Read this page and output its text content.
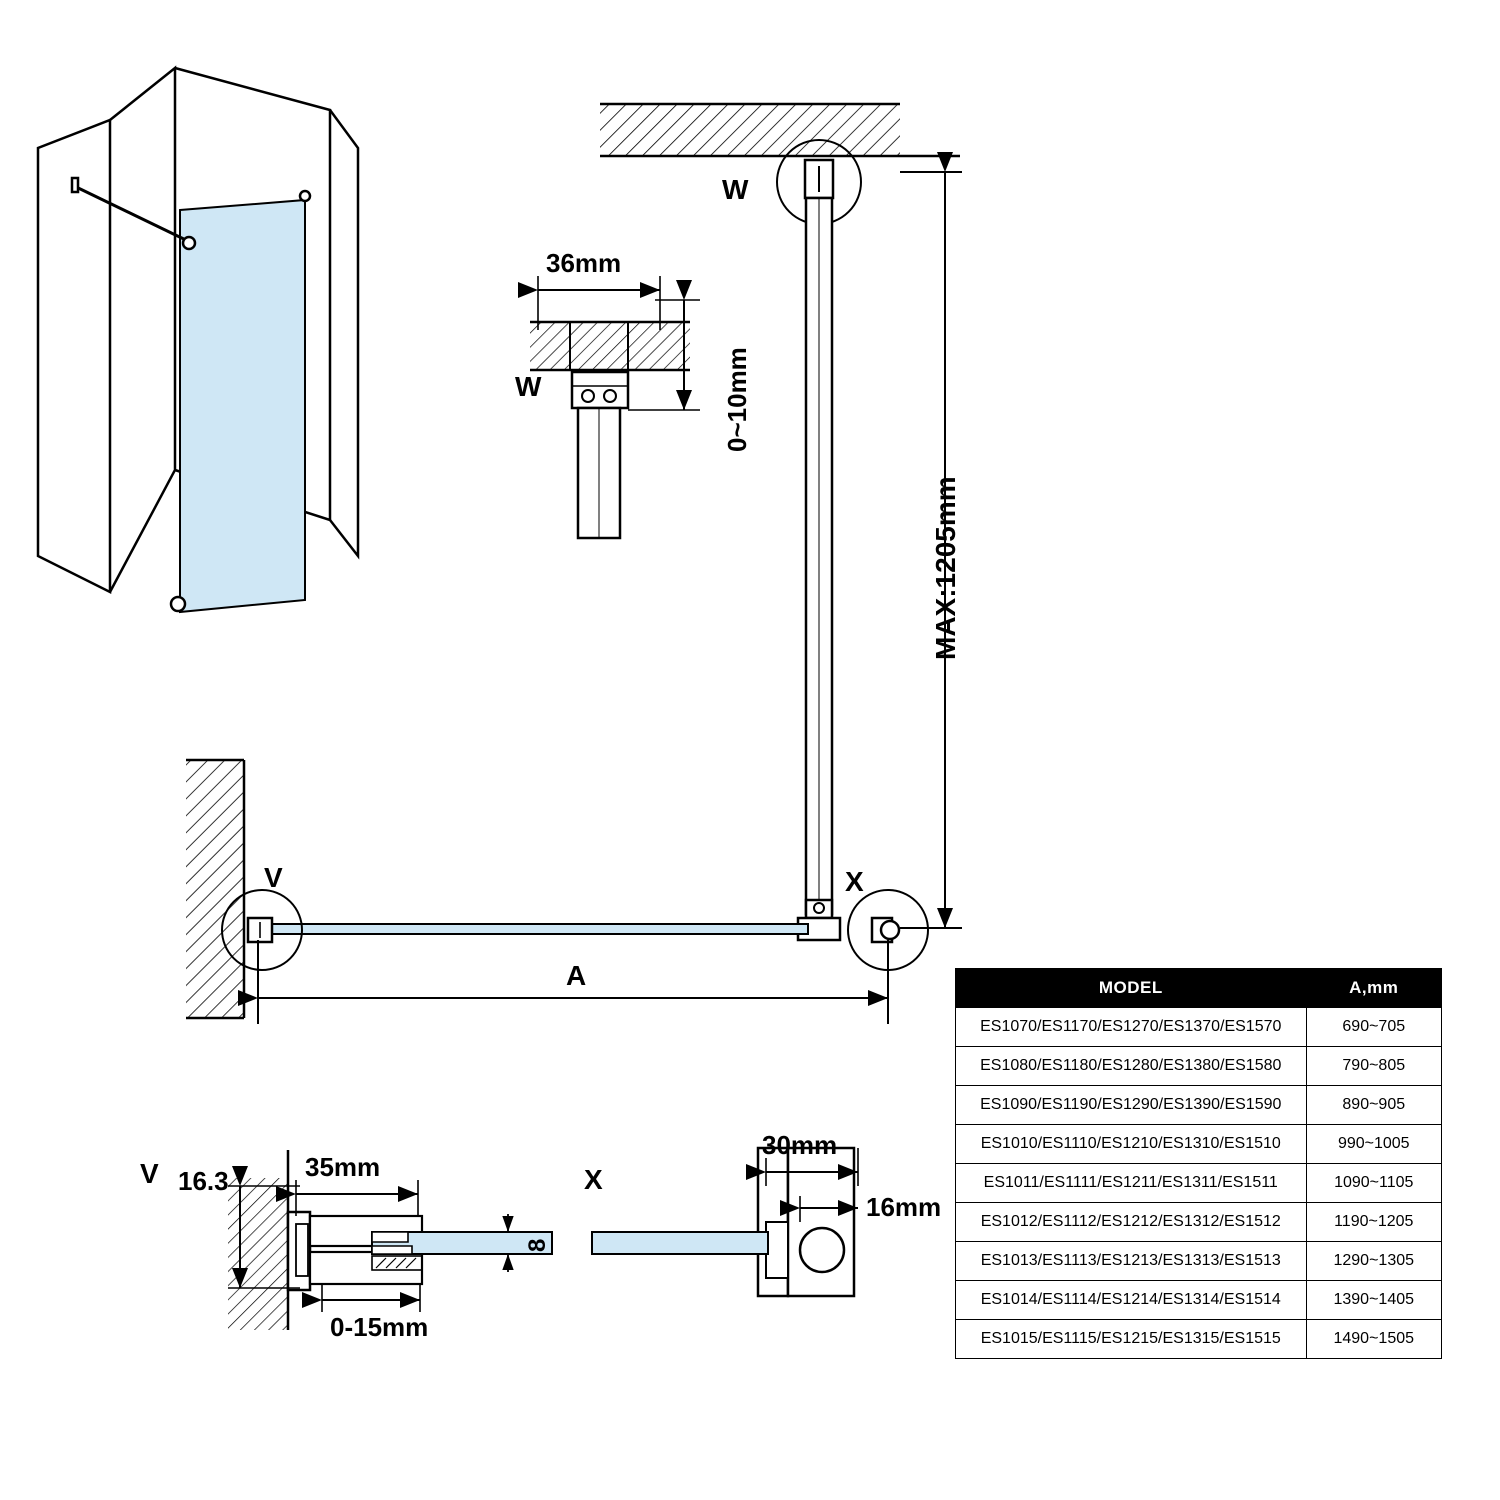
W
W
36mm
0~10mm
MAX:1205mm
V	X
A
V 16.3	35mm
0-15mm
8
X
30mm
16mm
MODEL	A,mm
ES1070/ES1170/ES1270/ES1370/ES1570	690~705
ES1080/ES1180/ES1280/ES1380/ES1580	790~805
ES1090/ES1190/ES1290/ES1390/ES1590	890~905
ES1010/ES1110/ES1210/ES1310/ES1510	990~1005
ES1011/ES1111/ES1211/ES1311/ES1511	1090~1105
ES1012/ES1112/ES1212/ES1312/ES1512	1190~1205
ES1013/ES1113/ES1213/ES1313/ES1513	1290~1305
ES1014/ES1114/ES1214/ES1314/ES1514	1390~1405
ES1015/ES1115/ES1215/ES1315/ES1515	1490~1505
